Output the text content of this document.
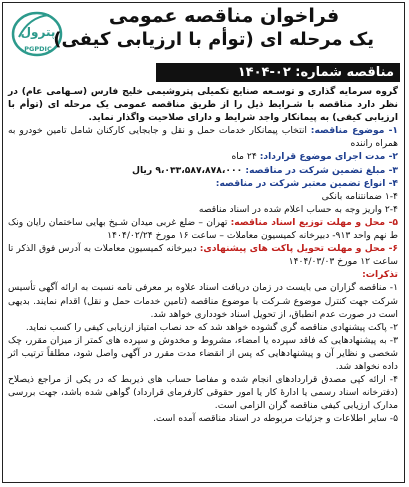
پترول
PGPDIC
فراخوان مناقصه عمومی
یک مرحله ای (توأم با ارزیابی کیفی)
مناقصه شماره: ۰۲-۱۴۰۴

گروه سرمایه گذاری و توسـعه صنایع تکمیلی پتروشیمی خلیج فارس (سـهامی عام) در نظر دارد مناقصه با شـرایط ذیل را از طریق مناقصه عمومی یک مرحله ای (توأم با ارزیابی کیفی) به پیمانکار واجد شرایط و دارای صلاحیت واگذار نماید.

۱- موضوع مناقصه: انتخاب پیمانکار خدمات حمل و نقل و جابجایی کارکنان شامل تامین خودرو به همراه راننده

۲- مدت اجرای موضوع قرارداد: ۲۴ ماه

۳- مبلغ تضمین شرکت در مناقصه: ۹،۰۳۳،۵۸۷،۸۷۸،۰۰۰ ریال

۴- انواع تضمین معتبر شرکت در مناقصه:

۱-۴ ضمانتنامه بانکی

۲-۴ واریز وجه به حساب اعلام شده در اسناد مناقصه

۵- محل و مهلت توزیع اسناد مناقصه: تهران – ضلع غربی میدان شـیخ بهایی ساختمان رایان ونک ط نهم واحد ۹۱۳- دبیرخانه کمیسیون معاملات – ساعت ۱۶ مورخ ۱۴۰۴/۰۲/۲۴

۶- محل و مهلت تحویل پاکت های پیشنهادی: دبیرخانه کمیسیون معاملات به آدرس فوق الذکر تا ساعت ۱۲ مورخ ۱۴۰۴/۰۳/۰۳

تذکرات:

۱- مناقصه گزاران می بایست در زمان دریافت اسناد علاوه بر معرفی نامه نسبت به ارائه آگهی تأسیس شرکت جهت کنترل موضوع شـرکت با موضوع مناقصه (تامین خدمات حمل و نقل) اقدام نمایند. بدیهی است در صورت عدم انطباق، از تحویل اسناد خودداری خواهد شد.

۲- پاکت پیشنهادی مناقصه گری گشوده خواهد شد که حد نصاب امتیاز ارزیابی کیفی را کسب نماید.

۳- به پیشنهادهایی که فاقد سپرده یا امضاء، مشروط و مخدوش و سپرده های کمتر از میزان مقرر، چک شخصی و نظایر آن و پیشنهادهایی که پس از انقضاء مدت مقرر در آگهی واصل شود، مطلقاً ترتیب اثر داده نخواهد شد.

۴- ارائه کپی مصدق قراردادهای انجام شده و مفاصا حساب های ذیربط که در یکی از مراجع ذیصلاح (دفترخانه اسناد رسمی یا ادارۀ کار یا امور حقوقی کارفرمای قرارداد) گواهی شده باشد، جهت بررسی مدارک ارزیابی کیفی مناقصه گران الزامی است.

۵- سایر اطلاعات و جزئیات مربوطه در اسناد مناقصه آمده است.
